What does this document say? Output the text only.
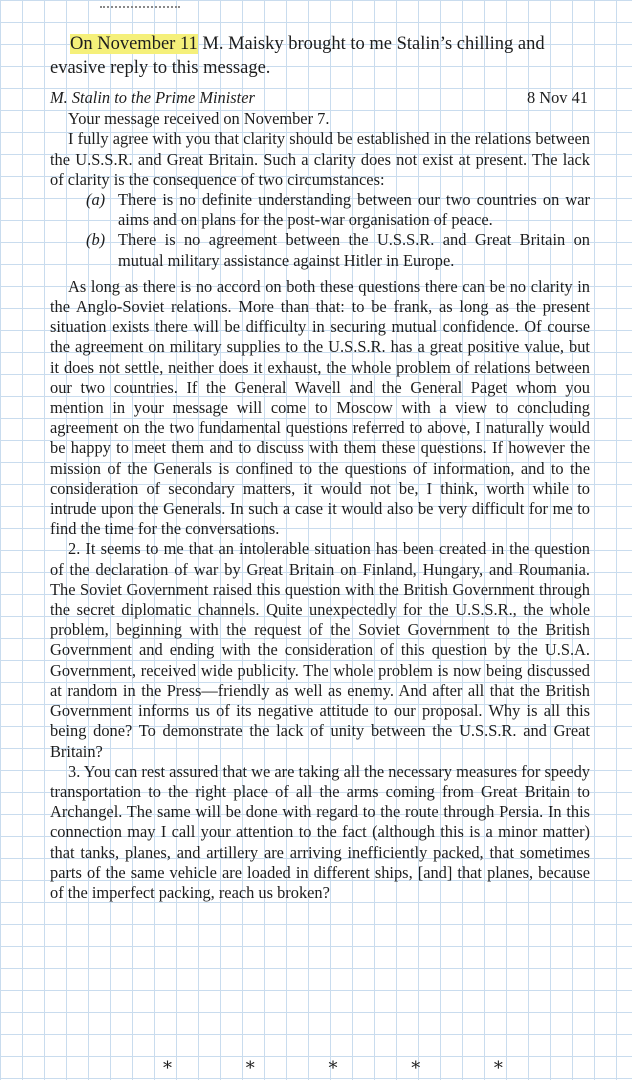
On November 11 M. Maisky brought to me Stalin’s chilling and evasive reply to this message.

M. Stalin to the Prime Minister	8 Nov 41

Your message received on November 7.

I fully agree with you that clarity should be established in the relations between the U.S.S.R. and Great Britain. Such a clarity does not exist at present. The lack of clarity is the consequence of two circumstances:

(a) There is no definite understanding between our two countries on war aims and on plans for the post-war organisation of peace.
(b) There is no agreement between the U.S.S.R. and Great Britain on mutual military assistance against Hitler in Europe.

As long as there is no accord on both these questions there can be no clarity in the Anglo-Soviet relations. More than that: to be frank, as long as the present situation exists there will be difficulty in securing mutual confidence. Of course the agreement on military supplies to the U.S.S.R. has a great positive value, but it does not settle, neither does it exhaust, the whole problem of relations between our two countries. If the General Wavell and the General Paget whom you mention in your message will come to Moscow with a view to concluding agreement on the two fundamental questions referred to above, I naturally would be happy to meet them and to discuss with them these questions. If however the mission of the Generals is confined to the questions of information, and to the consideration of secondary matters, it would not be, I think, worth while to intrude upon the Generals. In such a case it would also be very difficult for me to find the time for the conversations.

2. It seems to me that an intolerable situation has been created in the question of the declaration of war by Great Britain on Finland, Hungary, and Roumania. The Soviet Government raised this question with the British Government through the secret diplomatic channels. Quite unexpectedly for the U.S.S.R., the whole problem, beginning with the request of the Soviet Government to the British Government and ending with the consideration of this question by the U.S.A. Government, received wide publicity. The whole problem is now being discussed at random in the Press—friendly as well as enemy. And after all that the British Government informs us of its negative attitude to our proposal. Why is all this being done? To demonstrate the lack of unity between the U.S.S.R. and Great Britain?

3. You can rest assured that we are taking all the necessary measures for speedy transportation to the right place of all the arms coming from Great Britain to Archangel. The same will be done with regard to the route through Persia. In this connection may I call your attention to the fact (although this is a minor matter) that tanks, planes, and artillery are arriving inefficiently packed, that sometimes parts of the same vehicle are loaded in different ships, [and] that planes, because of the imperfect packing, reach us broken?

* * * * *
